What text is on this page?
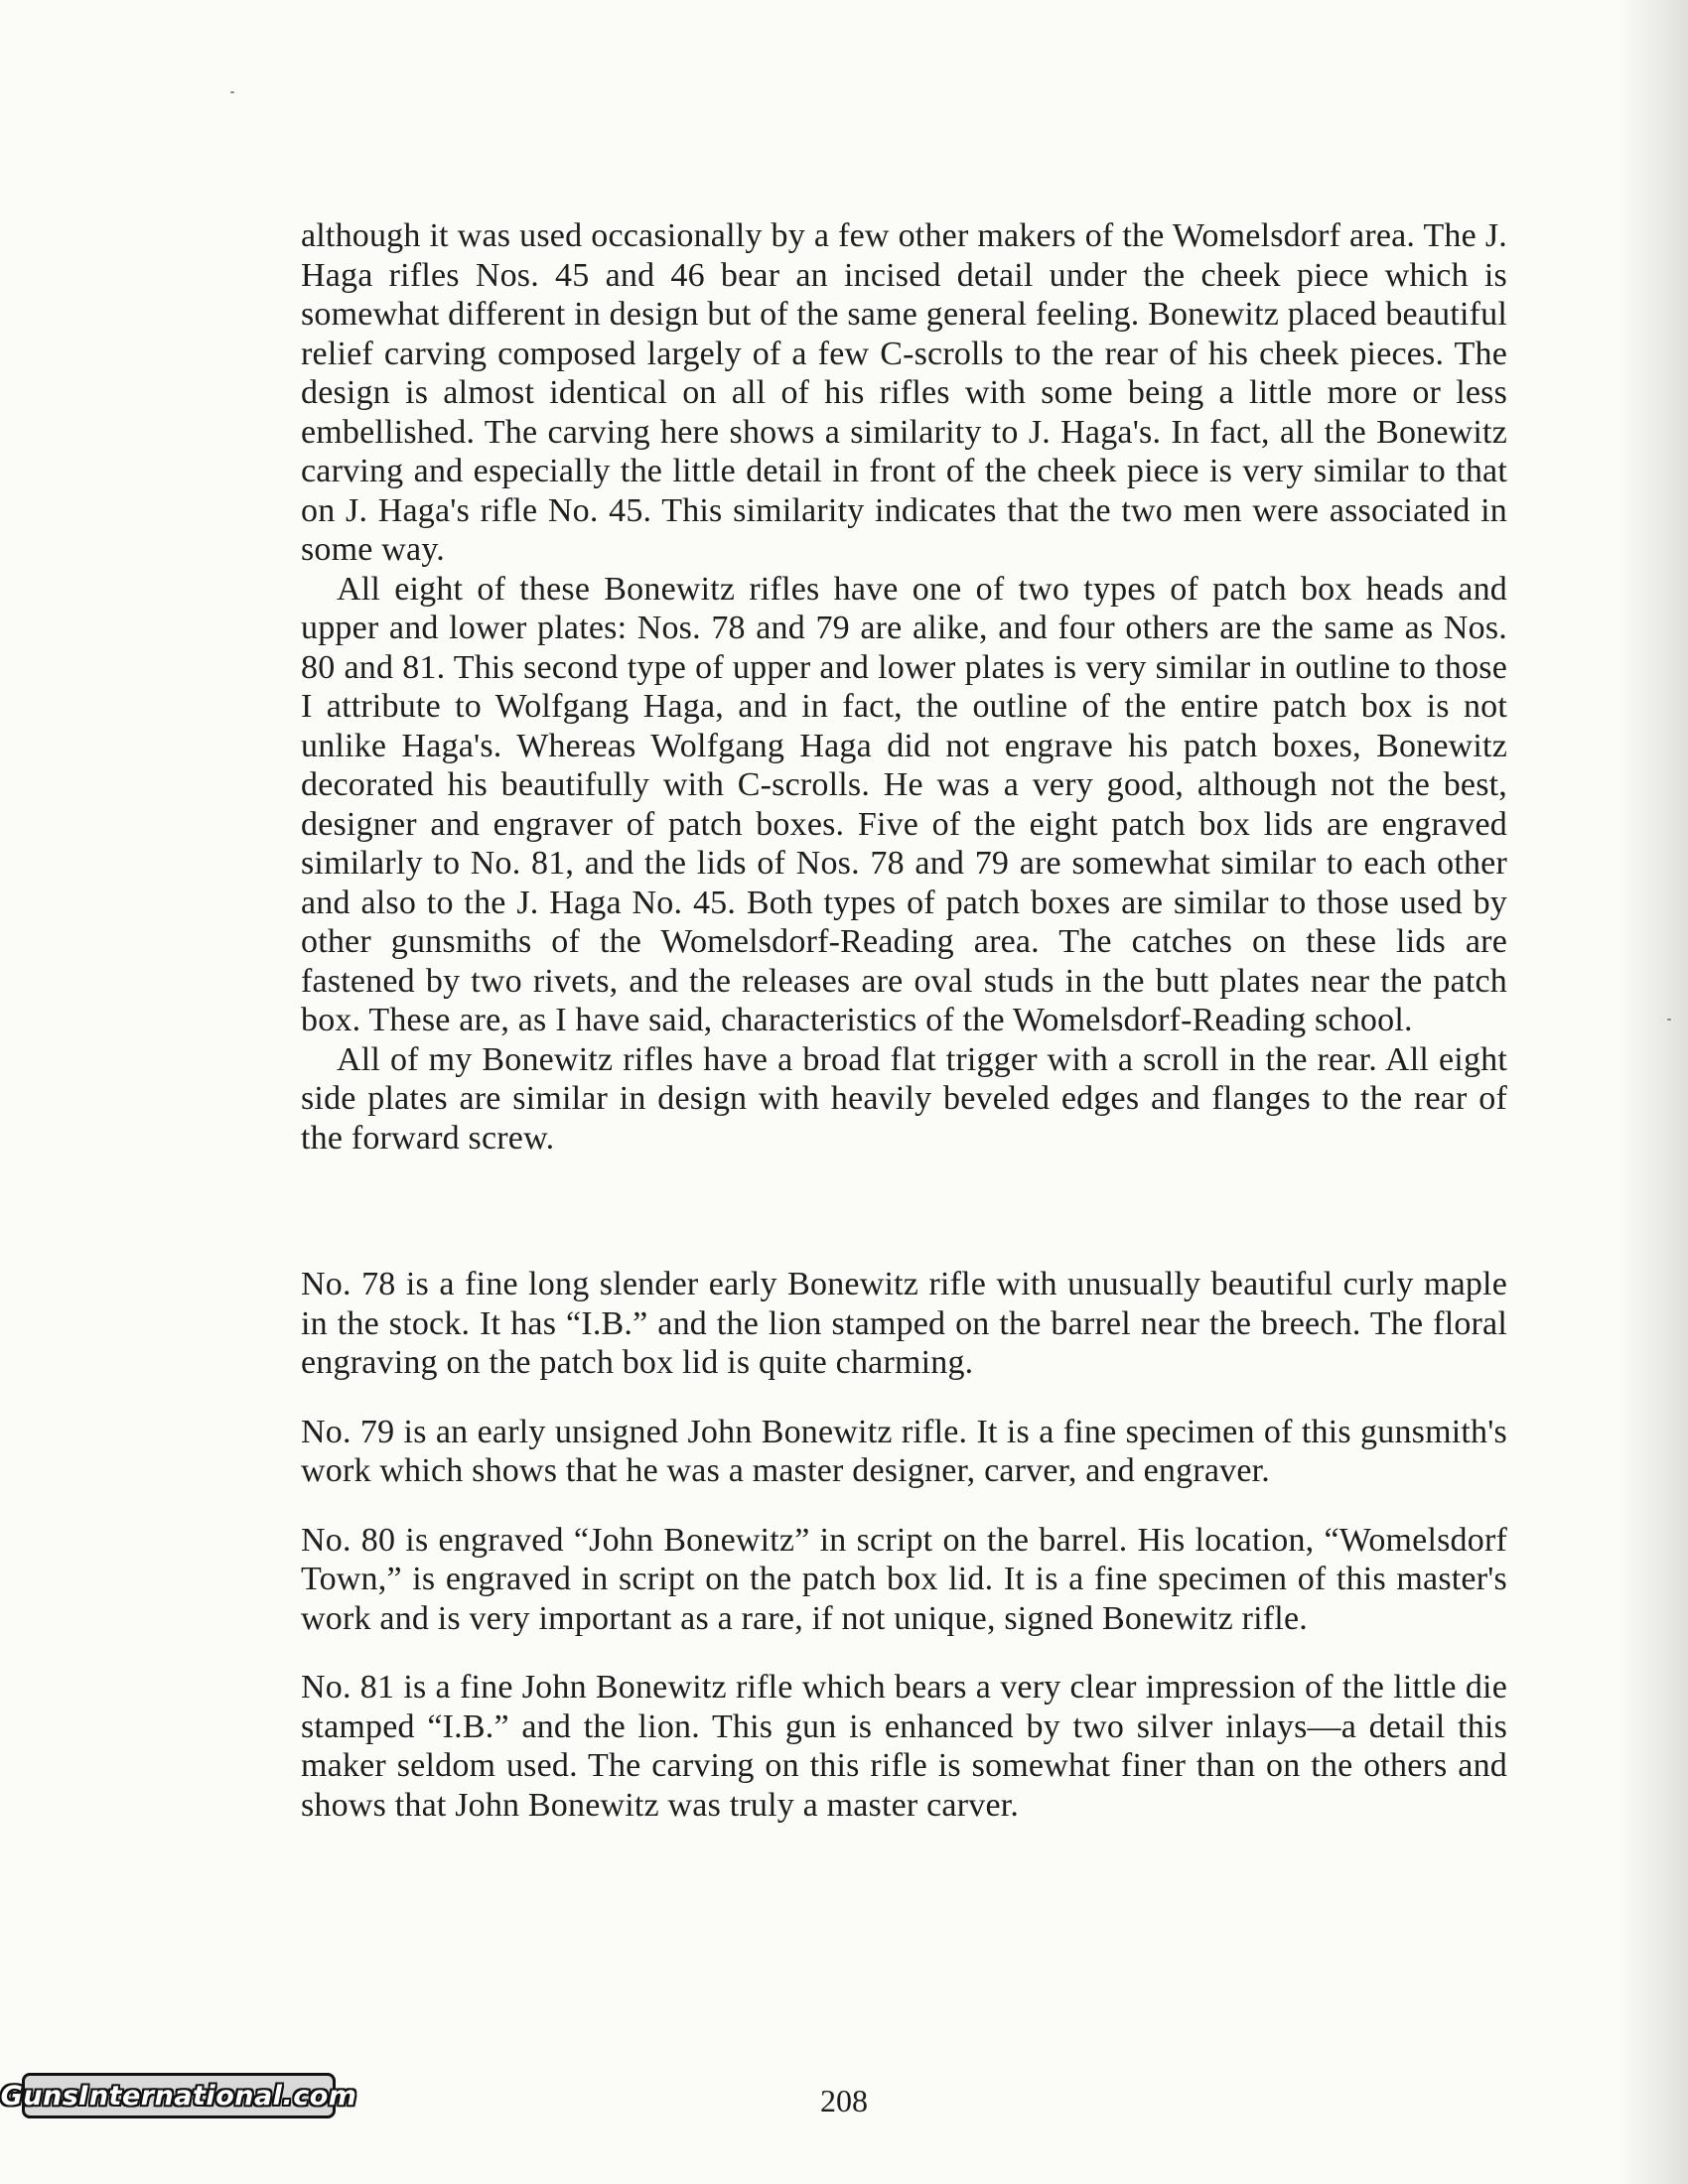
although it was used occasionally by a few other makers of the Womelsdorf area. The J. Haga rifles Nos. 45 and 46 bear an incised detail under the cheek piece which is somewhat different in design but of the same general feeling. Bonewitz placed beautiful relief carving composed largely of a few C-scrolls to the rear of his cheek pieces. The design is almost identical on all of his rifles with some being a little more or less embellished. The carving here shows a similarity to J. Haga's. In fact, all the Bonewitz carving and especially the little detail in front of the cheek piece is very similar to that on J. Haga's rifle No. 45. This similarity indicates that the two men were associated in some way.

All eight of these Bonewitz rifles have one of two types of patch box heads and upper and lower plates: Nos. 78 and 79 are alike, and four others are the same as Nos. 80 and 81. This second type of upper and lower plates is very similar in outline to those I attribute to Wolfgang Haga, and in fact, the outline of the entire patch box is not unlike Haga's. Whereas Wolfgang Haga did not engrave his patch boxes, Bonewitz decorated his beautifully with C-scrolls. He was a very good, although not the best, designer and engraver of patch boxes. Five of the eight patch box lids are engraved similarly to No. 81, and the lids of Nos. 78 and 79 are somewhat similar to each other and also to the J. Haga No. 45. Both types of patch boxes are similar to those used by other gunsmiths of the Womelsdorf-Reading area. The catches on these lids are fastened by two rivets, and the releases are oval studs in the butt plates near the patch box. These are, as I have said, characteristics of the Womelsdorf-Reading school.

All of my Bonewitz rifles have a broad flat trigger with a scroll in the rear. All eight side plates are similar in design with heavily beveled edges and flanges to the rear of the forward screw.

No. 78 is a fine long slender early Bonewitz rifle with unusually beautiful curly maple in the stock. It has “I.B.” and the lion stamped on the barrel near the breech. The floral engraving on the patch box lid is quite charming.

No. 79 is an early unsigned John Bonewitz rifle. It is a fine specimen of this gunsmith's work which shows that he was a master designer, carver, and engraver.

No. 80 is engraved “John Bonewitz” in script on the barrel. His location, “Womelsdorf Town,” is engraved in script on the patch box lid. It is a fine specimen of this master's work and is very important as a rare, if not unique, signed Bonewitz rifle.

No. 81 is a fine John Bonewitz rifle which bears a very clear impression of the little die stamped “I.B.” and the lion. This gun is enhanced by two silver inlays—a detail this maker seldom used. The carving on this rifle is somewhat finer than on the others and shows that John Bonewitz was truly a master carver.

208
GunsInternational.com
